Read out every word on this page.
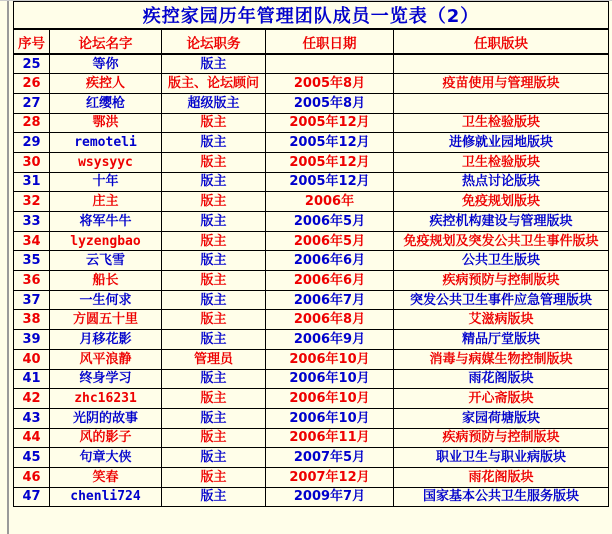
疾控家园历年管理团队成员一览表（2）				
序号	论坛名字	论坛职务	任职日期	任职版块
25	等你	版主		
26	疾控人	版主、论坛顾问	2005年8月	疫苗使用与管理版块
27	红缨枪	超级版主	2005年8月	
28	鄂洪	版主	2005年12月	卫生检验版块
29	remoteli	版主	2005年12月	进修就业园地版块
30	wsysyyc	版主	2005年12月	卫生检验版块
31	十年	版主	2005年12月	热点讨论版块
32	庄主	版主	2006年	免疫规划版块
33	将军牛牛	版主	2006年5月	疾控机构建设与管理版块
34	lyzengbao	版主	2006年5月	免疫规划及突发公共卫生事件版块
35	云飞雪	版主	2006年6月	公共卫生版块
36	船长	版主	2006年6月	疾病预防与控制版块
37	一生何求	版主	2006年7月	突发公共卫生事件应急管理版块
38	方圆五十里	版主	2006年8月	艾滋病版块
39	月移花影	版主	2006年9月	精品厅堂版块
40	风平浪静	管理员	2006年10月	消毒与病媒生物控制版块
41	终身学习	版主	2006年10月	雨花阁版块
42	zhc16231	版主	2006年10月	开心斋版块
43	光阴的故事	版主	2006年10月	家园荷塘版块
44	风的影子	版主	2006年11月	疾病预防与控制版块
45	句章大侠	版主	2007年5月	职业卫生与职业病版块
46	笑春	版主	2007年12月	雨花阁版块
47	chenli724	版主	2009年7月	国家基本公共卫生服务版块
